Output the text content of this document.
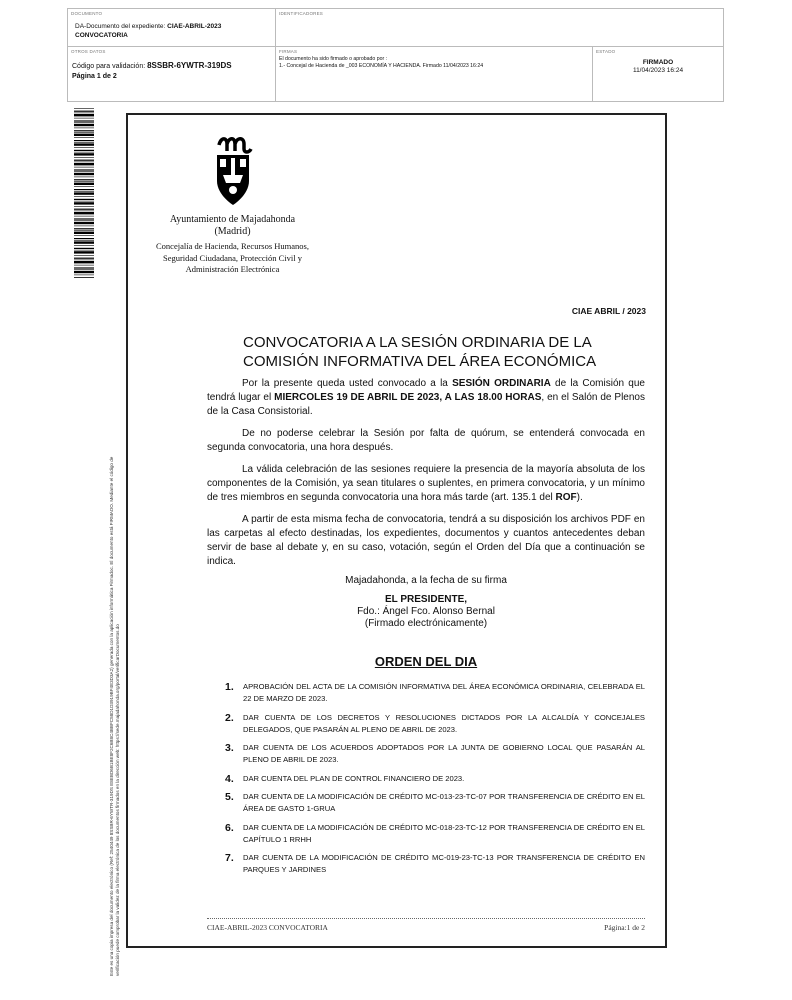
DOCUMENTO
DA-Documento del expediente: CIAE-ABRIL-2023
CONVOCATORIA
IDENTIFICADORES
OTROS DATOS
Código para validación: 8SSBR-6YWTR-319DS
Página 1 de 2
FIRMAS
El documento ha sido firmado o aprobado por :
1.- Concejal de Hacienda de _003 ECONOMÍA Y HACIENDA. Firmado 11/04/2023 16:24
ESTADO
FIRMADO
11/04/2023 16:24
Este es una copia impresa del documento electrónico (Ref: 2540449 8SSBR-6YWTR-319DS E8EBD6B1BE8F2C6B8C4BBFC58D1D3919BF4E3D3A2) generada con la aplicación informática Firmadoc. El documento está FIRMADO. Mediante el código de verificación puede comprobar la validez de la firma electrónica de los documentos firmados en la dirección web: https://sede.majadahonda.org/portal/verificarDocumentos.do
Ayuntamiento de Majadahonda
(Madrid)
Concejalía de Hacienda, Recursos Humanos, Seguridad Ciudadana, Protección Civil y Administración Electrónica
CIAE ABRIL / 2023
CONVOCATORIA A LA SESIÓN ORDINARIA DE LA
COMISIÓN INFORMATIVA DEL ÁREA ECONÓMICA

Por la presente queda usted convocado a la SESIÓN ORDINARIA de la Comisión que tendrá lugar el MIERCOLES 19 DE ABRIL DE 2023, A LAS 18.00 HORAS, en el Salón de Plenos de la Casa Consistorial.

De no poderse celebrar la Sesión por falta de quórum, se entenderá convocada en segunda convocatoria, una hora después.

La válida celebración de las sesiones requiere la presencia de la mayoría absoluta de los componentes de la Comisión, ya sean titulares o suplentes, en primera convocatoria, y un mínimo de tres miembros en segunda convocatoria una hora más tarde (art. 135.1 del ROF).

A partir de esta misma fecha de convocatoria, tendrá a su disposición los archivos PDF en las carpetas al efecto destinadas, los expedientes, documentos y cuantos antecedentes deban servir de base al debate y, en su caso, votación, según el Orden del Día que a continuación se indica.

Majadahonda, a la fecha de su firma

EL PRESIDENTE,
Fdo.: Ángel Fco. Alonso Bernal
(Firmado electrónicamente)
ORDEN DEL DIA
1. APROBACIÓN DEL ACTA DE LA COMISIÓN INFORMATIVA DEL ÁREA ECONÓMICA ORDINARIA, CELEBRADA EL 22 DE MARZO DE 2023.
2. DAR CUENTA DE LOS DECRETOS Y RESOLUCIONES DICTADOS POR LA ALCALDÍA Y CONCEJALES DELEGADOS, QUE PASARÁN AL PLENO DE ABRIL DE 2023.
3. DAR CUENTA DE LOS ACUERDOS ADOPTADOS POR LA JUNTA DE GOBIERNO LOCAL QUE PASARÁN AL PLENO DE ABRIL DE 2023.
4. DAR CUENTA DEL PLAN DE CONTROL FINANCIERO DE 2023.
5. DAR CUENTA DE LA MODIFICACIÓN DE CRÉDITO MC-013-23-TC-07 POR TRANSFERENCIA DE CRÉDITO EN EL ÁREA DE GASTO 1-GRUA
6. DAR CUENTA DE LA MODIFICACIÓN DE CRÉDITO MC-018-23-TC-12 POR TRANSFERENCIA DE CRÉDITO EN EL CAPÍTULO 1 RRHH
7. DAR CUENTA DE LA MODIFICACIÓN DE CRÉDITO MC-019-23-TC-13 POR TRANSFERENCIA DE CRÉDITO EN PARQUES Y JARDINES
CIAE-ABRIL-2023 CONVOCATORIA	Página:1 de 2
